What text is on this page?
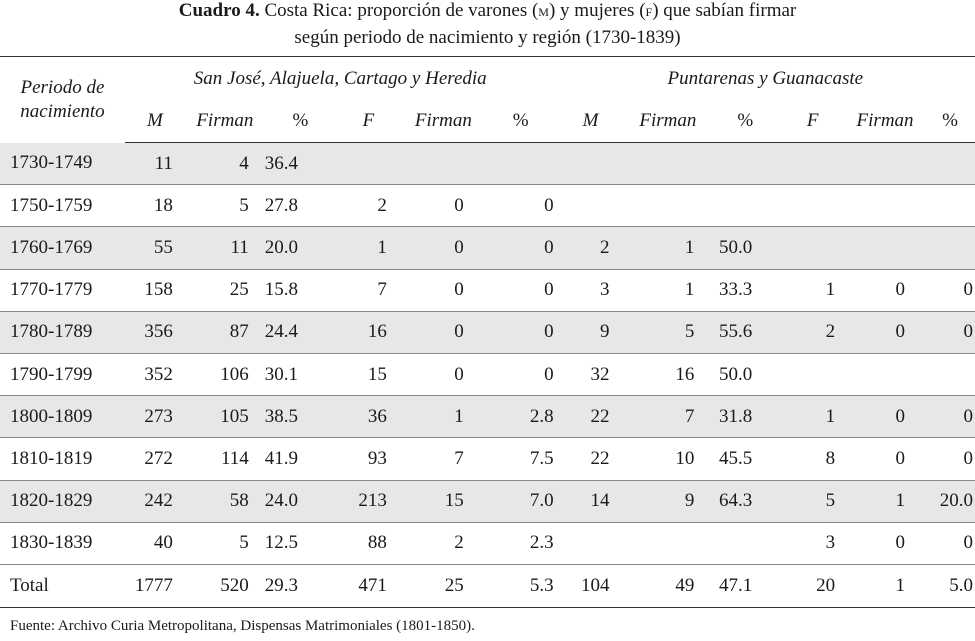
Cuadro 4. Costa Rica: proporción de varones (m) y mujeres (f) que sabían firmar
según periodo de nacimiento y región (1730-1839)
Periodo de nacimiento	San José, Alajuela, Cartago y Heredia						Puntarenas y Guanacaste					
	M	Firman	%	F	Firman	%	M	Firman	%	F	Firman	%
1730-1749	11	4	36.4									
1750-1759	18	5	27.8	2	0	0						
1760-1769	55	11	20.0	1	0	0	2	1	50.0			
1770-1779	158	25	15.8	7	0	0	3	1	33.3	1	0	0
1780-1789	356	87	24.4	16	0	0	9	5	55.6	2	0	0
1790-1799	352	106	30.1	15	0	0	32	16	50.0			
1800-1809	273	105	38.5	36	1	2.8	22	7	31.8	1	0	0
1810-1819	272	114	41.9	93	7	7.5	22	10	45.5	8	0	0
1820-1829	242	58	24.0	213	15	7.0	14	9	64.3	5	1	20.0
1830-1839	40	5	12.5	88	2	2.3				3	0	0
Total	1777	520	29.3	471	25	5.3	104	49	47.1	20	1	5.0
Fuente: Archivo Curia Metropolitana, Dispensas Matrimoniales (1801-1850).
